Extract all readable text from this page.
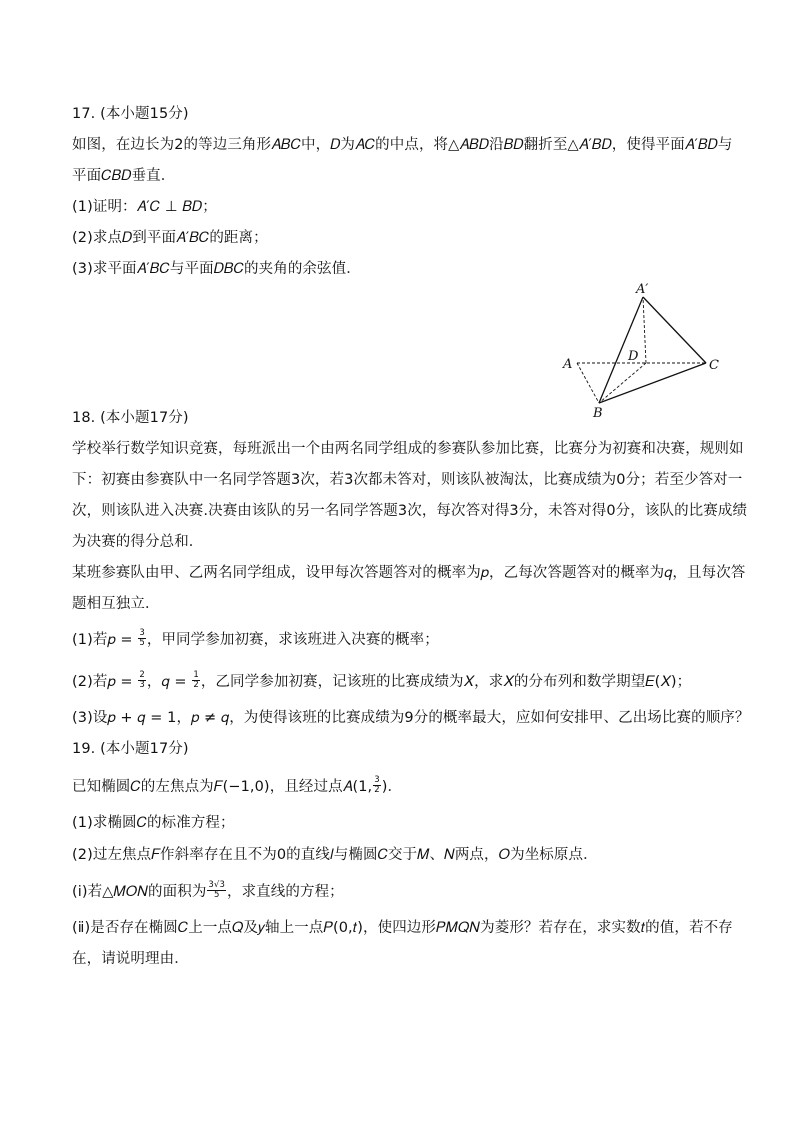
17. (本小题15分)
如图，在边长为2的等边三角形𝐴𝐵𝐶中，𝐷为𝐴𝐶的中点，将△𝐴𝐵𝐷沿𝐵𝐷翻折至△𝐴′𝐵𝐷，使得平面𝐴′𝐵𝐷与
平面𝐶𝐵𝐷垂直．
(1)证明：𝐴′𝐶 ⊥ 𝐵𝐷；
(2)求点𝐷到平面𝐴′𝐵𝐶的距离；
(3)求平面𝐴′𝐵𝐶与平面𝐷𝐵𝐶的夹角的余弦值．
A′
A
D
C
B
18. (本小题17分)
学校举行数学知识竞赛，每班派出一个由两名同学组成的参赛队参加比赛，比赛分为初赛和决赛，规则如
下：初赛由参赛队中一名同学答题3次，若3次都未答对，则该队被淘汰，比赛成绩为0分；若至少答对一
次，则该队进入决赛.决赛由该队的另一名同学答题3次，每次答对得3分，未答对得0分，该队的比赛成绩
为决赛的得分总和．
某班参赛队由甲、乙两名同学组成，设甲每次答题答对的概率为𝑝，乙每次答题答对的概率为𝑞，且每次答
题相互独立．
(1)若𝑝 = $\frac{3}{5}$ ，甲同学参加初赛，求该班进入决赛的概率；
(2)若𝑝 = $\frac{2}{3}$ ，𝑞 = $\frac{1}{2}$ ，乙同学参加初赛，记该班的比赛成绩为𝑋，求𝑋的分布列和数学期望𝐸(𝑋)；
(3)设𝑝 + 𝑞 = 1，𝑝 ≠ 𝑞，为使得该班的比赛成绩为9分的概率最大，应如何安排甲、乙出场比赛的顺序？
19. (本小题17分)
已知椭圆𝐶的左焦点为𝐹(−1,0)，且经过点𝐴(1, $\frac{3}{2}$ )．
(1)求椭圆𝐶的标准方程；
(2)过左焦点𝐹作斜率存在且不为0的直线𝑙与椭圆𝐶交于𝑀、𝑁两点，𝑂为坐标原点．
(ⅰ)若△𝑀𝑂𝑁的面积为 $\frac{3√3}{5}$ ，求直线的方程；
(ⅱ)是否存在椭圆𝐶上一点𝑄及𝑦轴上一点𝑃(0,𝑡)，使四边形𝑃𝑀𝑄𝑁为菱形？若存在，求实数𝑡的值，若不存
在，请说明理由．
